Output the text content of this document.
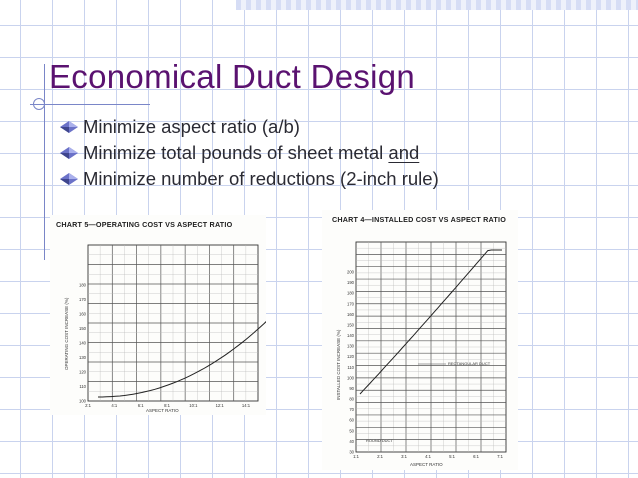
Economical Duct Design
Minimize aspect ratio (a/b)
Minimize total pounds of sheet metal and
Minimize number of reductions (2-inch rule)
CHART 5—OPERATING COST VS ASPECT RATIO
180
170
160
150
140
130
120
110
100
2:1	4:1	6:1	8:1	10:1	12:1	14:1
OPERATING COST INCREASE (%)
ASPECT RATIO
CHART 4—INSTALLED COST VS ASPECT RATIO
200
190
180
170
160
150
140
130
120
110
100
90
80
70
60
50
40
30
1:1	2:1	3:1	4:1	5:1	6:1	7:1
RECTANGULAR DUCT
ROUND DUCT
INSTALLED COST INCREASE (%)
ASPECT RATIO
